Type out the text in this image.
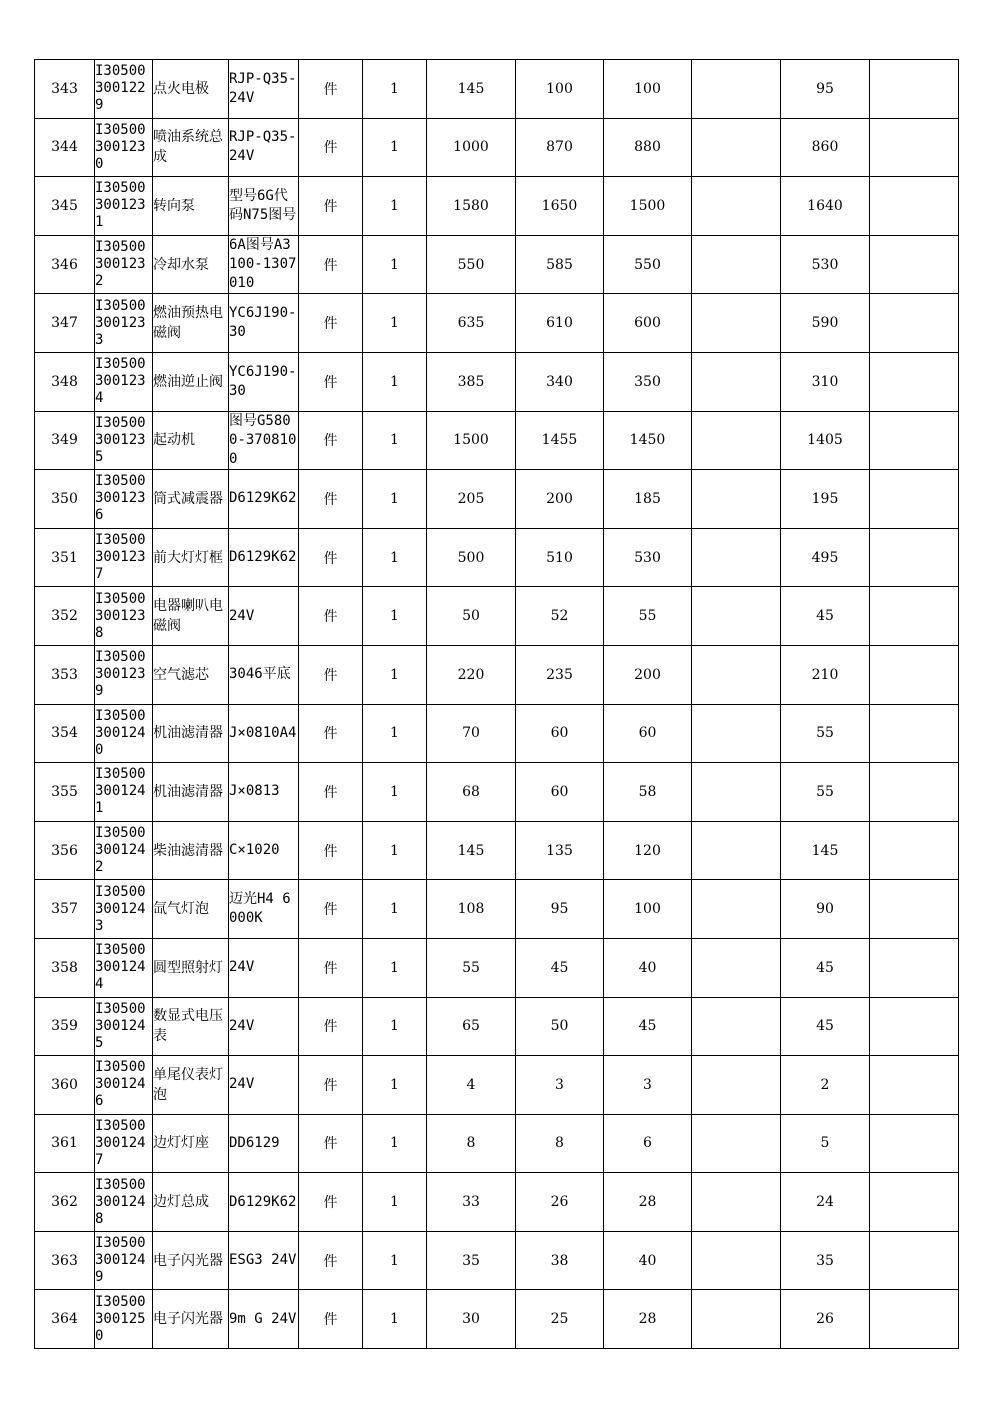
343	I30500300122 9	点火电极	RJP-Q35-24V	件	1	145	100	100		95	
344	I30500300123 0	喷油系统总成	RJP-Q35-24V	件	1	1000	870	880		860	
345	I30500300123 1	转向泵	型号6G代码N75图号	件	1	1580	1650	1500		1640	
346	I30500300123 2	冷却水泵	6A图号A3100-1307010	件	1	550	585	550		530	
347	I30500300123 3	燃油预热电磁阀	YC6J190-30	件	1	635	610	600		590	
348	I30500300123 4	燃油逆止阀	YC6J190-30	件	1	385	340	350		310	
349	I30500300123 5	起动机	图号G5800-3708100	件	1	1500	1455	1450		1405	
350	I30500300123 6	筒式减震器	D6129K62	件	1	205	200	185		195	
351	I30500300123 7	前大灯灯框	D6129K62	件	1	500	510	530		495	
352	I30500300123 8	电器喇叭电磁阀	24V	件	1	50	52	55		45	
353	I30500300123 9	空气滤芯	3046平底	件	1	220	235	200		210	
354	I30500300124 0	机油滤清器	J×0810A4	件	1	70	60	60		55	
355	I30500300124 1	机油滤清器	J×0813	件	1	68	60	58		55	
356	I30500300124 2	柴油滤清器	C×1020	件	1	145	135	120		145	
357	I30500300124 3	氙气灯泡	迈光H4 6000K	件	1	108	95	100		90	
358	I30500300124 4	圆型照射灯	24V	件	1	55	45	40		45	
359	I30500300124 5	数显式电压表	24V	件	1	65	50	45		45	
360	I30500300124 6	单尾仪表灯泡	24V	件	1	4	3	3		2	
361	I30500300124 7	边灯灯座	DD6129	件	1	8	8	6		5	
362	I30500300124 8	边灯总成	D6129K62	件	1	33	26	28		24	
363	I30500300124 9	电子闪光器	ESG3 24V	件	1	35	38	40		35	
364	I30500300125 0	电子闪光器	9m G 24V	件	1	30	25	28		26	
